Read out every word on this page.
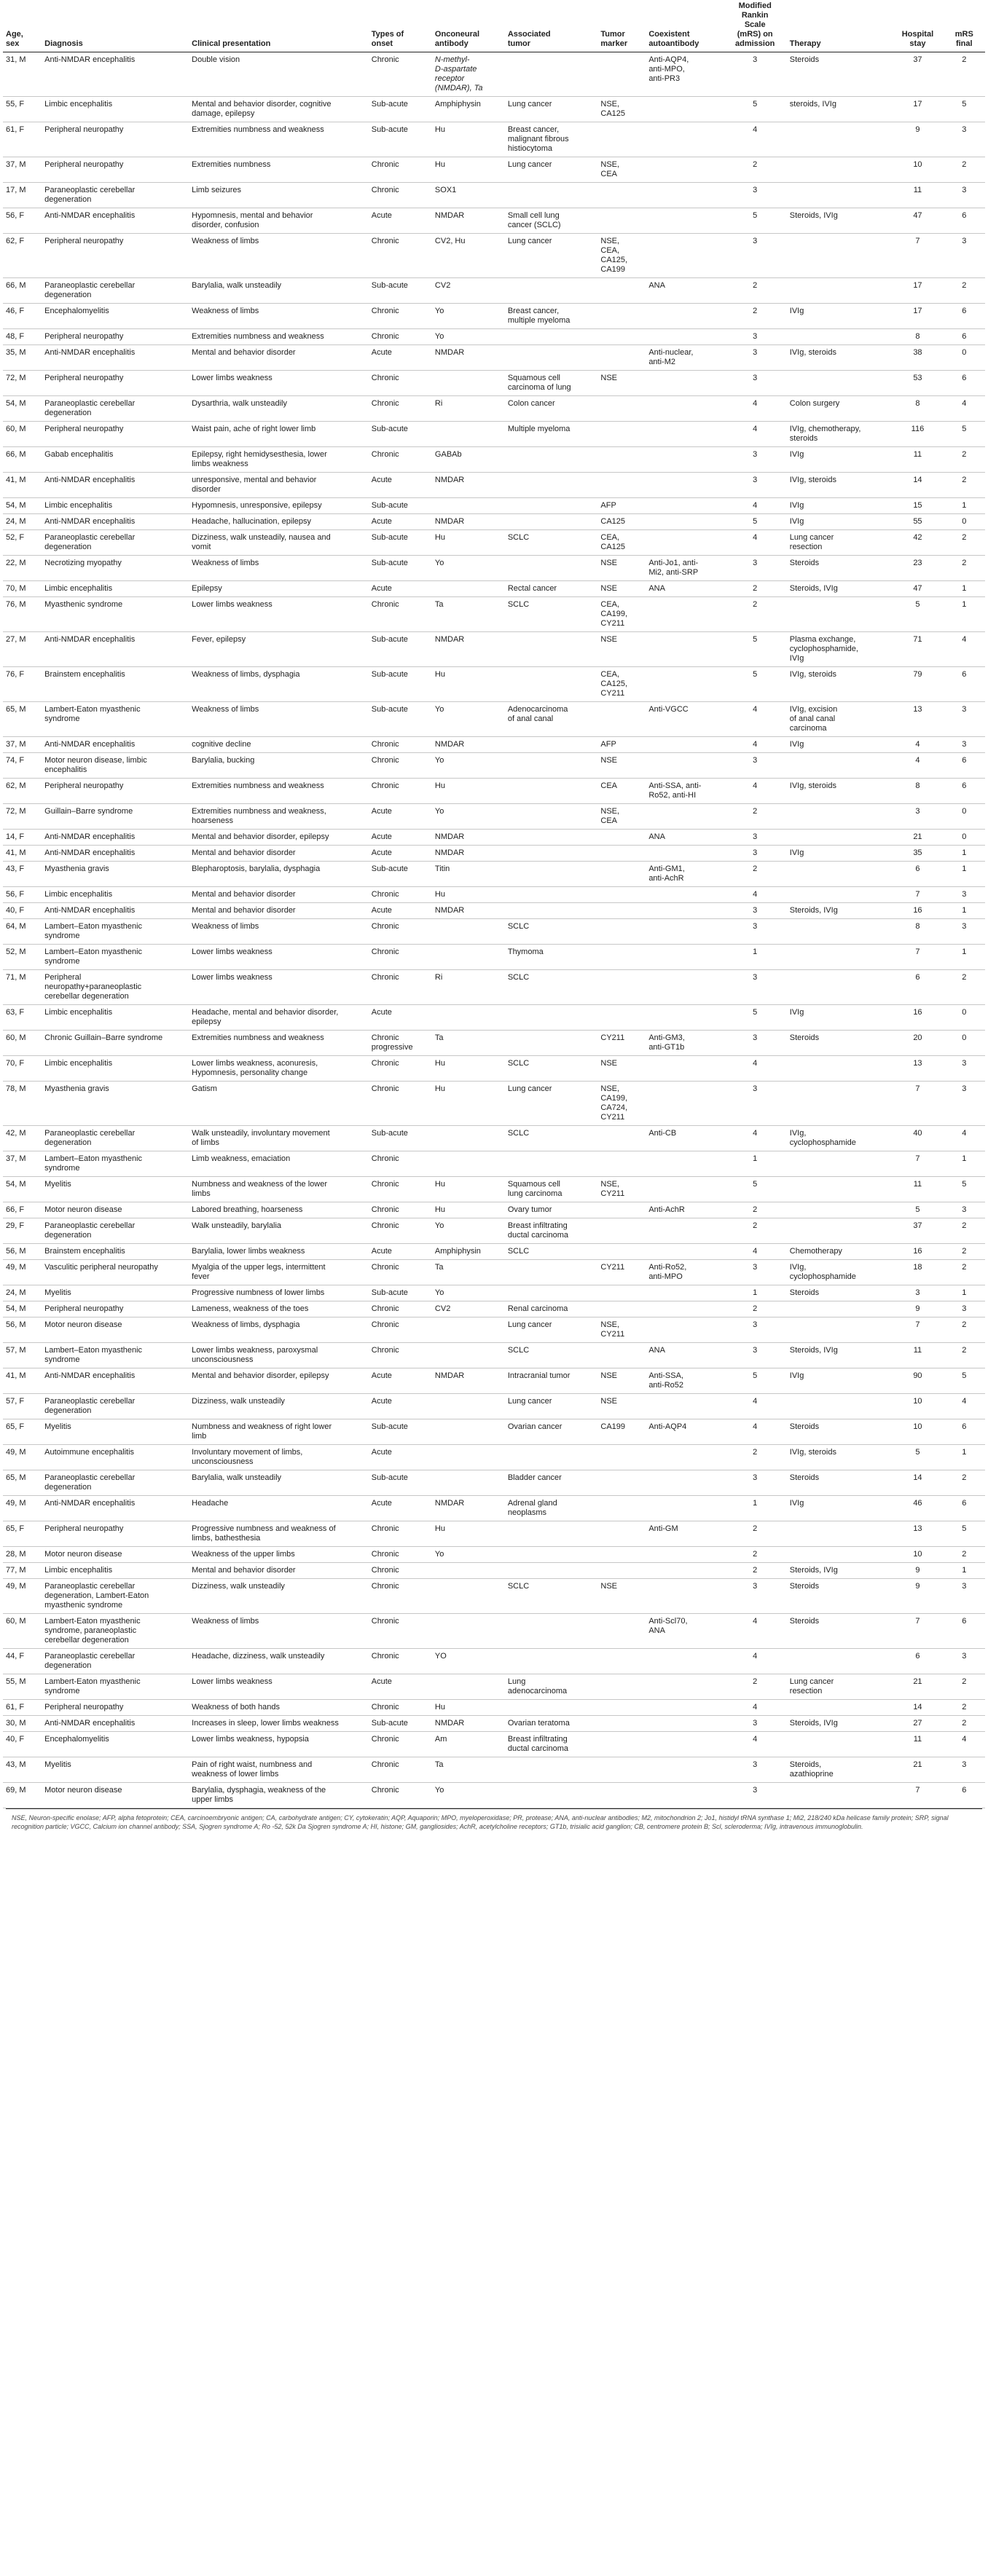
Age,
sex	Diagnosis	Clinical presentation	Types of
onset	Onconeural
antibody	Associated
tumor	Tumor
marker	Coexistent
autoantibody	Modified
Rankin
Scale
(mRS) on
admission	Therapy	Hospital
stay	mRS
final
31, M	Anti-NMDAR encephalitis	Double vision	Chronic	N-methyl-
D-aspartate
receptor
(NMDAR), Ta			Anti-AQP4,
anti-MPO,
anti-PR3	3	Steroids	37	2
55, F	Limbic encephalitis	Mental and behavior disorder, cognitive
damage, epilepsy	Sub-acute	Amphiphysin	Lung cancer	NSE,
CA125		5	steroids, IVIg	17	5
61, F	Peripheral neuropathy	Extremities numbness and weakness	Sub-acute	Hu	Breast cancer,
malignant fibrous
histiocytoma			4		9	3
37, M	Peripheral neuropathy	Extremities numbness	Chronic	Hu	Lung cancer	NSE,
CEA		2		10	2
17, M	Paraneoplastic cerebellar
degeneration	Limb seizures	Chronic	SOX1				3		11	3
56, F	Anti-NMDAR encephalitis	Hypomnesis, mental and behavior
disorder, confusion	Acute	NMDAR	Small cell lung
cancer (SCLC)			5	Steroids, IVIg	47	6
62, F	Peripheral neuropathy	Weakness of limbs	Chronic	CV2, Hu	Lung cancer	NSE,
CEA,
CA125,
CA199		3		7	3
66, M	Paraneoplastic cerebellar
degeneration	Barylalia, walk unsteadily	Sub-acute	CV2			ANA	2		17	2
46, F	Encephalomyelitis	Weakness of limbs	Chronic	Yo	Breast cancer,
multiple myeloma			2	IVIg	17	6
48, F	Peripheral neuropathy	Extremities numbness and weakness	Chronic	Yo				3		8	6
35, M	Anti-NMDAR encephalitis	Mental and behavior disorder	Acute	NMDAR			Anti-nuclear,
anti-M2	3	IVIg, steroids	38	0
72, M	Peripheral neuropathy	Lower limbs weakness	Chronic		Squamous cell
carcinoma of lung	NSE		3		53	6
54, M	Paraneoplastic cerebellar
degeneration	Dysarthria, walk unsteadily	Chronic	Ri	Colon cancer			4	Colon surgery	8	4
60, M	Peripheral neuropathy	Waist pain, ache of right lower limb	Sub-acute		Multiple myeloma			4	IVIg, chemotherapy,
steroids	116	5
66, M	Gabab encephalitis	Epilepsy, right hemidysesthesia, lower
limbs weakness	Chronic	GABAb				3	IVIg	11	2
41, M	Anti-NMDAR encephalitis	unresponsive, mental and behavior
disorder	Acute	NMDAR				3	IVIg, steroids	14	2
54, M	Limbic encephalitis	Hypomnesis, unresponsive, epilepsy	Sub-acute			AFP		4	IVIg	15	1
24, M	Anti-NMDAR encephalitis	Headache, hallucination, epilepsy	Acute	NMDAR		CA125		5	IVIg	55	0
52, F	Paraneoplastic cerebellar
degeneration	Dizziness, walk unsteadily, nausea and
vomit	Sub-acute	Hu	SCLC	CEA,
CA125		4	Lung cancer
resection	42	2
22, M	Necrotizing myopathy	Weakness of limbs	Sub-acute	Yo		NSE	Anti-Jo1, anti-
Mi2, anti-SRP	3	Steroids	23	2
70, M	Limbic encephalitis	Epilepsy	Acute		Rectal cancer	NSE	ANA	2	Steroids, IVIg	47	1
76, M	Myasthenic syndrome	Lower limbs weakness	Chronic	Ta	SCLC	CEA,
CA199,
CY211		2		5	1
27, M	Anti-NMDAR encephalitis	Fever, epilepsy	Sub-acute	NMDAR		NSE		5	Plasma exchange,
cyclophosphamide,
IVIg	71	4
76, F	Brainstem encephalitis	Weakness of limbs, dysphagia	Sub-acute	Hu		CEA,
CA125,
CY211		5	IVIg, steroids	79	6
65, M	Lambert-Eaton myasthenic
syndrome	Weakness of limbs	Sub-acute	Yo	Adenocarcinoma
of anal canal		Anti-VGCC	4	IVIg, excision
of anal canal
carcinoma	13	3
37, M	Anti-NMDAR encephalitis	cognitive decline	Chronic	NMDAR		AFP		4	IVIg	4	3
74, F	Motor neuron disease, limbic
encephalitis	Barylalia, bucking	Chronic	Yo		NSE		3		4	6
62, M	Peripheral neuropathy	Extremities numbness and weakness	Chronic	Hu		CEA	Anti-SSA, anti-
Ro52, anti-HI	4	IVIg, steroids	8	6
72, M	Guillain–Barre syndrome	Extremities numbness and weakness,
hoarseness	Acute	Yo		NSE,
CEA		2		3	0
14, F	Anti-NMDAR encephalitis	Mental and behavior disorder, epilepsy	Acute	NMDAR			ANA	3		21	0
41, M	Anti-NMDAR encephalitis	Mental and behavior disorder	Acute	NMDAR				3	IVIg	35	1
43, F	Myasthenia gravis	Blepharoptosis, barylalia, dysphagia	Sub-acute	Titin			Anti-GM1,
anti-AchR	2		6	1
56, F	Limbic encephalitis	Mental and behavior disorder	Chronic	Hu				4		7	3
40, F	Anti-NMDAR encephalitis	Mental and behavior disorder	Acute	NMDAR				3	Steroids, IVIg	16	1
64, M	Lambert–Eaton myasthenic
syndrome	Weakness of limbs	Chronic		SCLC			3		8	3
52, M	Lambert–Eaton myasthenic
syndrome	Lower limbs weakness	Chronic		Thymoma			1		7	1
71, M	Peripheral
neuropathy+paraneoplastic
cerebellar degeneration	Lower limbs weakness	Chronic	Ri	SCLC			3		6	2
63, F	Limbic encephalitis	Headache, mental and behavior disorder,
epilepsy	Acute					5	IVIg	16	0
60, M	Chronic Guillain–Barre syndrome	Extremities numbness and weakness	Chronic
progressive	Ta		CY211	Anti-GM3,
anti-GT1b	3	Steroids	20	0
70, F	Limbic encephalitis	Lower limbs weakness, aconuresis,
Hypomnesis, personality change	Chronic	Hu	SCLC	NSE		4		13	3
78, M	Myasthenia gravis	Gatism	Chronic	Hu	Lung cancer	NSE,
CA199,
CA724,
CY211		3		7	3
42, M	Paraneoplastic cerebellar
degeneration	Walk unsteadily, involuntary movement
of limbs	Sub-acute		SCLC		Anti-CB	4	IVIg,
cyclophosphamide	40	4
37, M	Lambert–Eaton myasthenic
syndrome	Limb weakness, emaciation	Chronic					1		7	1
54, M	Myelitis	Numbness and weakness of the lower
limbs	Chronic	Hu	Squamous cell
lung carcinoma	NSE,
CY211		5		11	5
66, F	Motor neuron disease	Labored breathing, hoarseness	Chronic	Hu	Ovary tumor		Anti-AchR	2		5	3
29, F	Paraneoplastic cerebellar
degeneration	Walk unsteadily, barylalia	Chronic	Yo	Breast infiltrating
ductal carcinoma			2		37	2
56, M	Brainstem encephalitis	Barylalia, lower limbs weakness	Acute	Amphiphysin	SCLC			4	Chemotherapy	16	2
49, M	Vasculitic peripheral neuropathy	Myalgia of the upper legs, intermittent
fever	Chronic	Ta		CY211	Anti-Ro52,
anti-MPO	3	IVIg,
cyclophosphamide	18	2
24, M	Myelitis	Progressive numbness of lower limbs	Sub-acute	Yo				1	Steroids	3	1
54, M	Peripheral neuropathy	Lameness, weakness of the toes	Chronic	CV2	Renal carcinoma			2		9	3
56, M	Motor neuron disease	Weakness of limbs, dysphagia	Chronic		Lung cancer	NSE,
CY211		3		7	2
57, M	Lambert–Eaton myasthenic
syndrome	Lower limbs weakness, paroxysmal
unconsciousness	Chronic		SCLC		ANA	3	Steroids, IVIg	11	2
41, M	Anti-NMDAR encephalitis	Mental and behavior disorder, epilepsy	Acute	NMDAR	Intracranial tumor	NSE	Anti-SSA,
anti-Ro52	5	IVIg	90	5
57, F	Paraneoplastic cerebellar
degeneration	Dizziness, walk unsteadily	Acute		Lung cancer	NSE		4		10	4
65, F	Myelitis	Numbness and weakness of right lower
limb	Sub-acute		Ovarian cancer	CA199	Anti-AQP4	4	Steroids	10	6
49, M	Autoimmune encephalitis	Involuntary movement of limbs,
unconsciousness	Acute					2	IVIg, steroids	5	1
65, M	Paraneoplastic cerebellar
degeneration	Barylalia, walk unsteadily	Sub-acute		Bladder cancer			3	Steroids	14	2
49, M	Anti-NMDAR encephalitis	Headache	Acute	NMDAR	Adrenal gland
neoplasms			1	IVIg	46	6
65, F	Peripheral neuropathy	Progressive numbness and weakness of
limbs, bathesthesia	Chronic	Hu			Anti-GM	2		13	5
28, M	Motor neuron disease	Weakness of the upper limbs	Chronic	Yo				2		10	2
77, M	Limbic encephalitis	Mental and behavior disorder	Chronic					2	Steroids, IVIg	9	1
49, M	Paraneoplastic cerebellar
degeneration, Lambert-Eaton
myasthenic syndrome	Dizziness, walk unsteadily	Chronic		SCLC	NSE		3	Steroids	9	3
60, M	Lambert-Eaton myasthenic
syndrome, paraneoplastic
cerebellar degeneration	Weakness of limbs	Chronic				Anti-Scl70,
ANA	4	Steroids	7	6
44, F	Paraneoplastic cerebellar
degeneration	Headache, dizziness, walk unsteadily	Chronic	YO				4		6	3
55, M	Lambert-Eaton myasthenic
syndrome	Lower limbs weakness	Acute		Lung
adenocarcinoma			2	Lung cancer
resection	21	2
61, F	Peripheral neuropathy	Weakness of both hands	Chronic	Hu				4		14	2
30, M	Anti-NMDAR encephalitis	Increases in sleep, lower limbs weakness	Sub-acute	NMDAR	Ovarian teratoma			3	Steroids, IVIg	27	2
40, F	Encephalomyelitis	Lower limbs weakness, hypopsia	Chronic	Am	Breast infiltrating
ductal carcinoma			4		11	4
43, M	Myelitis	Pain of right waist, numbness and
weakness of lower limbs	Chronic	Ta				3	Steroids,
azathioprine	21	3
69, M	Motor neuron disease	Barylalia, dysphagia, weakness of the
upper limbs	Chronic	Yo				3		7	6
NSE, Neuron-specific enolase; AFP, alpha fetoprotein; CEA, carcinoembryonic antigen; CA, carbohydrate antigen; CY, cytokeratin; AQP, Aquaporin; MPO, myeloperoxidase; PR, protease; ANA, anti-nuclear antibodies; M2, mitochondrion 2; Jo1, histidyl tRNA synthase 1; Mi2, 218/240 kDa helicase family protein; SRP, signal recognition particle; VGCC, Calcium ion channel antibody; SSA, Sjogren syndrome A; Ro -52, 52k Da Sjogren syndrome A; HI, histone; GM, gangliosides; AchR, acetylcholine receptors; GT1b, trisialic acid ganglion; CB, centromere protein B; Scl, scleroderma; IVIg, intravenous immunoglobulin.
